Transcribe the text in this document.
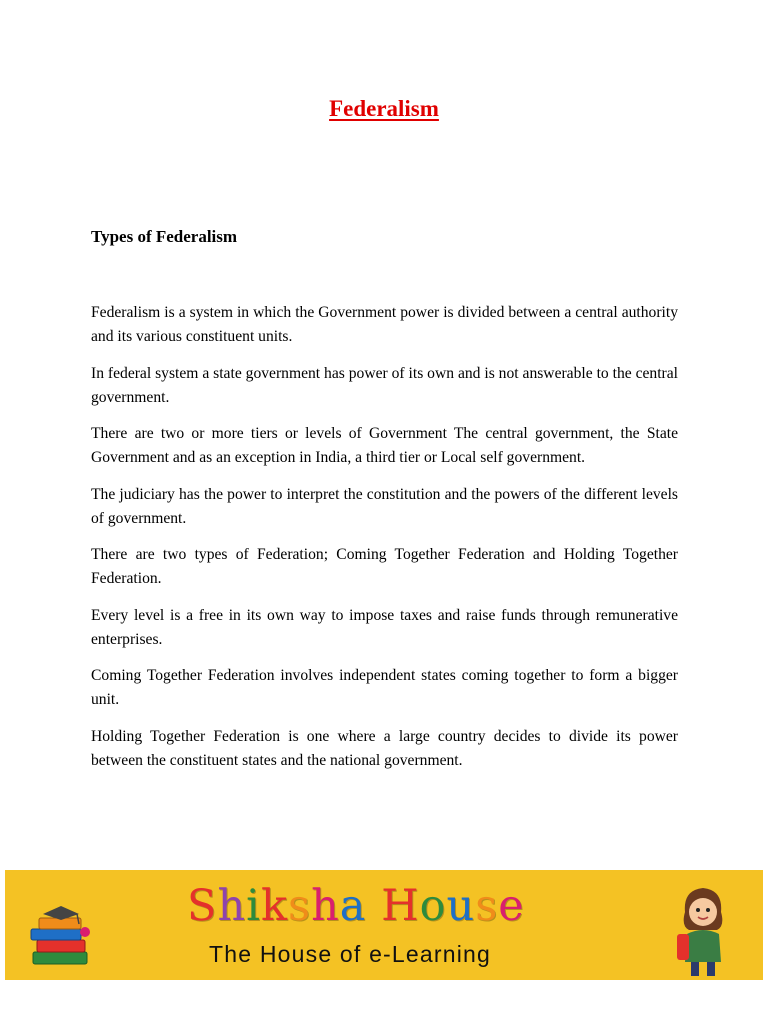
Federalism
Types of Federalism

Federalism is a system in which the Government power is divided between a central authority and its various constituent units.

In federal system a state government has power of its own and is not answerable to the central government.

There are two or more tiers or levels of Government The central government, the State Government and as an exception in India, a third tier or Local self government.

The judiciary has the power to interpret the constitution and the powers of the different levels of government.

There are two types of Federation; Coming Together Federation and Holding Together Federation.

Every level is a free in its own way to impose taxes and raise funds through remunerative enterprises.

Coming Together Federation involves independent states coming together to form a bigger unit.

Holding Together Federation is one where a large country decides to divide its power between the constituent states and the national government.

Shiksha House
The House of e-Learning
